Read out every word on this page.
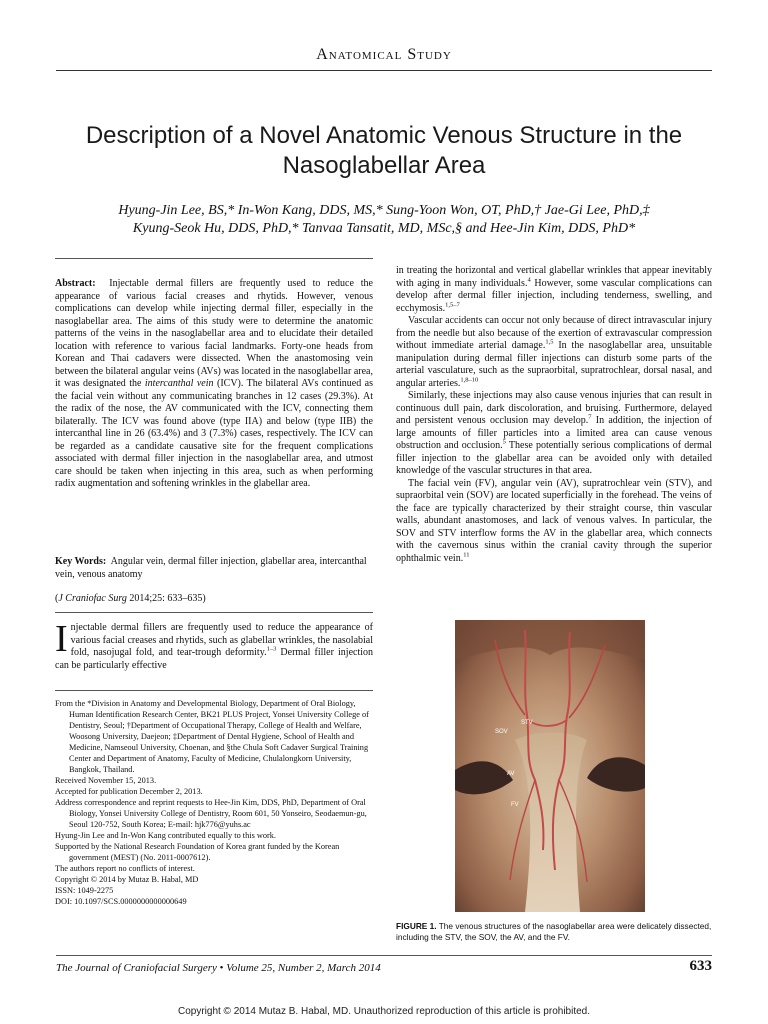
Anatomical Study
Description of a Novel Anatomic Venous Structure in the Nasoglabellar Area
Hyung-Jin Lee, BS,* In-Won Kang, DDS, MS,* Sung-Yoon Won, OT, PhD,† Jae-Gi Lee, PhD,‡
Kyung-Seok Hu, DDS, PhD,* Tanvaa Tansatit, MD, MSc,§ and Hee-Jin Kim, DDS, PhD*

Abstract: Injectable dermal fillers are frequently used to reduce the appearance of various facial creases and rhytids. However, venous complications can develop while injecting dermal filler, especially in the nasoglabellar area. The aims of this study were to determine the anatomic patterns of the veins in the nasoglabellar area and to elucidate their detailed location with reference to various facial landmarks. Forty-one heads from Korean and Thai cadavers were dissected. When the anastomosing vein between the bilateral angular veins (AVs) was located in the nasoglabellar area, it was designated the intercanthal vein (ICV). The bilateral AVs continued as the facial vein without any communicating branches in 12 cases (29.3%). At the radix of the nose, the AV communicated with the ICV, connecting them bilaterally. The ICV was found above (type IIA) and below (type IIB) the intercanthal line in 26 (63.4%) and 3 (7.3%) cases, respectively. The ICV can be regarded as a candidate causative site for the frequent complications associated with dermal filler injection in the nasoglabellar area, and utmost care should be taken when injecting in this area, such as when performing radix augmentation and softening wrinkles in the glabellar area.

Key Words: Angular vein, dermal filler injection, glabellar area, intercanthal vein, venous anatomy

(J Craniofac Surg 2014;25: 633–635)

Injectable dermal fillers are frequently used to reduce the appearance of various facial creases and rhytids, such as glabellar wrinkles, the nasolabial fold, nasojugal fold, and tear-trough deformity.$^{1-3}$ Dermal filler injection can be particularly effective

From the *Division in Anatomy and Developmental Biology, Department of Oral Biology, Human Identification Research Center, BK21 PLUS Project, Yonsei University College of Dentistry, Seoul; †Department of Occupational Therapy, College of Health and Welfare, Woosong University, Daejeon; ‡Department of Dental Hygiene, School of Health and Medicine, Namseoul University, Choenan, and §the Chula Soft Cadaver Surgical Training Center and Department of Anatomy, Faculty of Medicine, Chulalongkorn University, Bangkok, Thailand.

Received November 15, 2013.

Accepted for publication December 2, 2013.

Address correspondence and reprint requests to Hee-Jin Kim, DDS, PhD, Department of Oral Biology, Yonsei University College of Dentistry, Room 601, 50 Yonseiro, Seodaemun-gu, Seoul 120-752, South Korea; E-mail: hjk776@yuhs.ac

Hyung-Jin Lee and In-Won Kang contributed equally to this work.

Supported by the National Research Foundation of Korea grant funded by the Korean government (MEST) (No. 2011-0007612).

The authors report no conflicts of interest.

Copyright © 2014 by Mutaz B. Habal, MD

ISSN: 1049-2275

DOI: 10.1097/SCS.0000000000000649

in treating the horizontal and vertical glabellar wrinkles that appear inevitably with aging in many individuals.$^4$ However, some vascular complications can develop after dermal filler injection, including tenderness, swelling, and ecchymosis.$^{1,5-7}$

Vascular accidents can occur not only because of direct intravascular injury from the needle but also because of the exertion of extravascular compression without immediate arterial damage.$^{1,5}$ In the nasoglabellar area, unsuitable manipulation during dermal filler injections can disturb some parts of the arterial vasculature, such as the supraorbital, supratrochlear, dorsal nasal, and angular arteries.$^{1,8-10}$

Similarly, these injections may also cause venous injuries that can result in continuous dull pain, dark discoloration, and bruising. Furthermore, delayed and persistent venous occlusion may develop.$^7$ In addition, the injection of large amounts of filler particles into a limited area can cause venous obstruction and occlusion.$^5$ These potentially serious complications of dermal filler injection to the glabellar area can be avoided only with detailed knowledge of the vascular structures in that area.

The facial vein (FV), angular vein (AV), supratrochlear vein (STV), and supraorbital vein (SOV) are located superficially in the forehead. The veins of the face are typically characterized by their straight course, thin vascular walls, abundant anastomoses, and lack of venous valves. In particular, the SOV and STV interflow forms the AV in the glabellar area, which connects with the cavernous sinus within the cranial cavity through the superior ophthalmic vein.$^{11}$

STV
SOV
AV
FV
FIGURE 1. The venous structures of the nasoglabellar area were delicately dissected, including the STV, the SOV, the AV, and the FV.
The Journal of Craniofacial Surgery • Volume 25, Number 2, March 2014	633
Copyright © 2014 Mutaz B. Habal, MD. Unauthorized reproduction of this article is prohibited.
